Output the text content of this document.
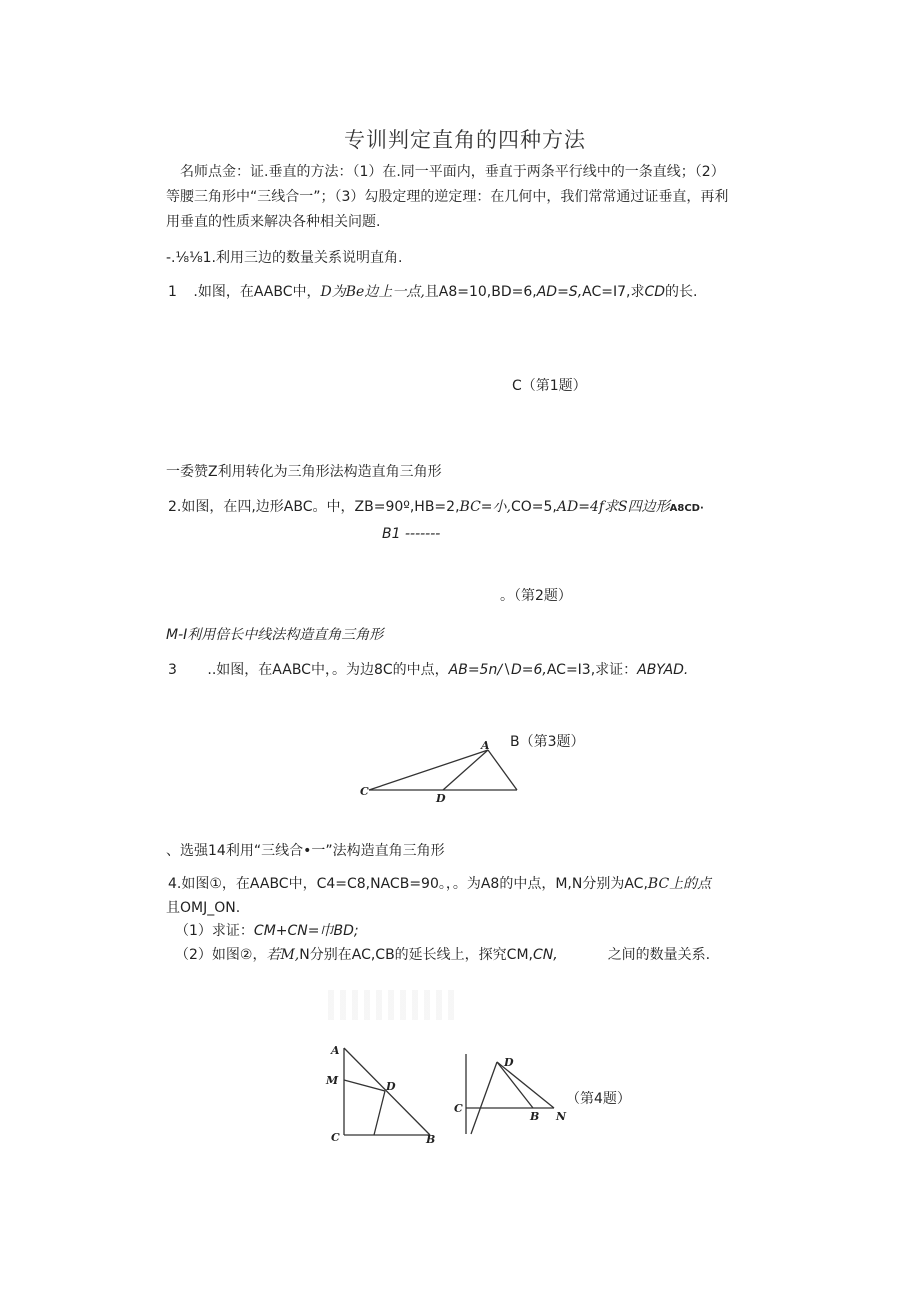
专训判定直角的四种方法
名师点金：证.垂直的方法：（1）在.同一平面内，垂直于两条平行线中的一条直线；（2）
等腰三角形中“三线合一”；（3）勾股定理的逆定理：在几何中，我们常常通过证垂直，再利
用垂直的性质来解决各种相关问题.
-.⅛⅛1.利用三边的数量关系说明直角.
1 .如图，在AABC中，D为Be边上一点,且A8=10,BD=6,AD=S,AC=I7,求CD的长.
C（第1题）
一委赞Z利用转化为三角形法构造直角三角形
2.如图，在四,边形ABC。中，ZB=90º,HB=2,BC=小,CO=5,AD=4f求S四边形A8CD·
B1 -------
。（第2题）
M-I利用倍长中线法构造直角三角形
3 ..如图，在AABC中，。为边8C的中点，AB=5n∕∖D=6,AC=I3,求证：ABYAD.
A
C
D
B（第3题）
、选强14利用“三线合•一”法构造直角三角形
4.如图①，在AABC中，C4=C8,NACB=90。，。为A8的中点，M,N分别为AC,BC上的点
且OMJ_ON.
（1）求证：CM+CN=巾BD;
（2）如图②，若M,N分别在AC,CB的延长线上，探究CM,CN,	之间的数量关系.
A
M	D
C	B
D
C
B N
（第4题）
